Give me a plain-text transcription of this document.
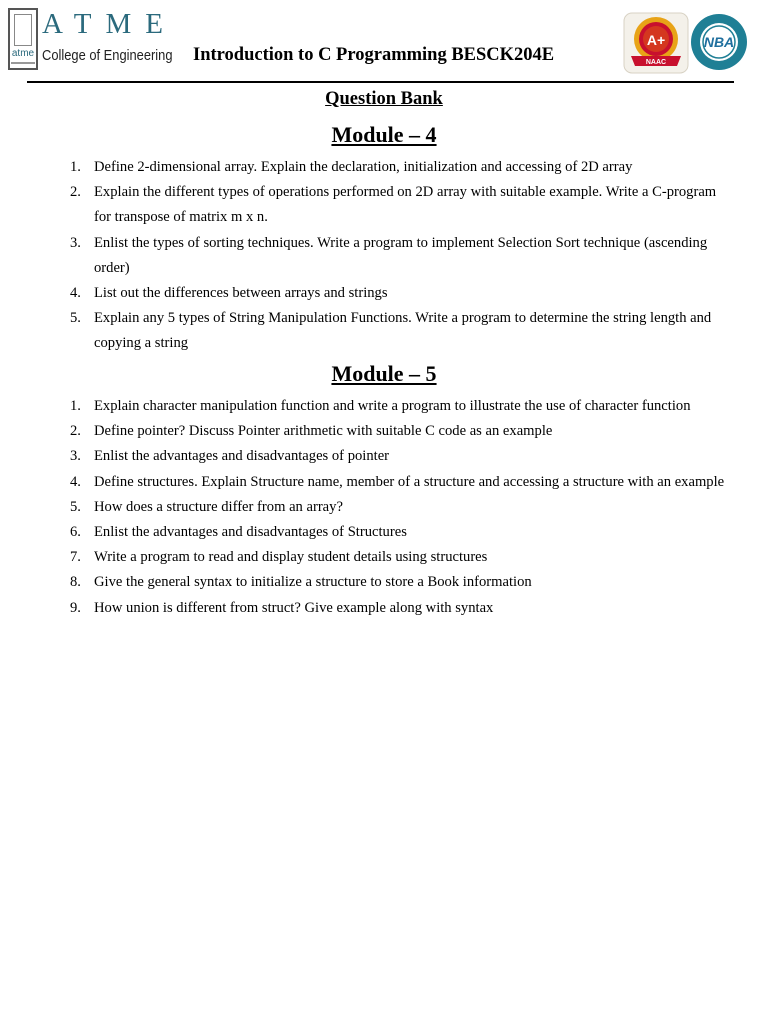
atme
ATME
College of Engineering Introduction to C Programming BESCK204E
A+
NAAC
NBA
Question Bank
Module – 4
1. Define 2-dimensional array. Explain the declaration, initialization and accessing of 2D array
2. Explain the different types of operations performed on 2D array with suitable example. Write a C-program for transpose of matrix m x n.
3. Enlist the types of sorting techniques. Write a program to implement Selection Sort technique (ascending order)
4. List out the differences between arrays and strings
5. Explain any 5 types of String Manipulation Functions. Write a program to determine the string length and copying a string
Module – 5
1. Explain character manipulation function and write a program to illustrate the use of character function
2. Define pointer? Discuss Pointer arithmetic with suitable C code as an example
3. Enlist the advantages and disadvantages of pointer
4. Define structures. Explain Structure name, member of a structure and accessing a structure with an example
5. How does a structure differ from an array?
6. Enlist the advantages and disadvantages of Structures
7. Write a program to read and display student details using structures
8. Give the general syntax to initialize a structure to store a Book information
9. How union is different from struct? Give example along with syntax
